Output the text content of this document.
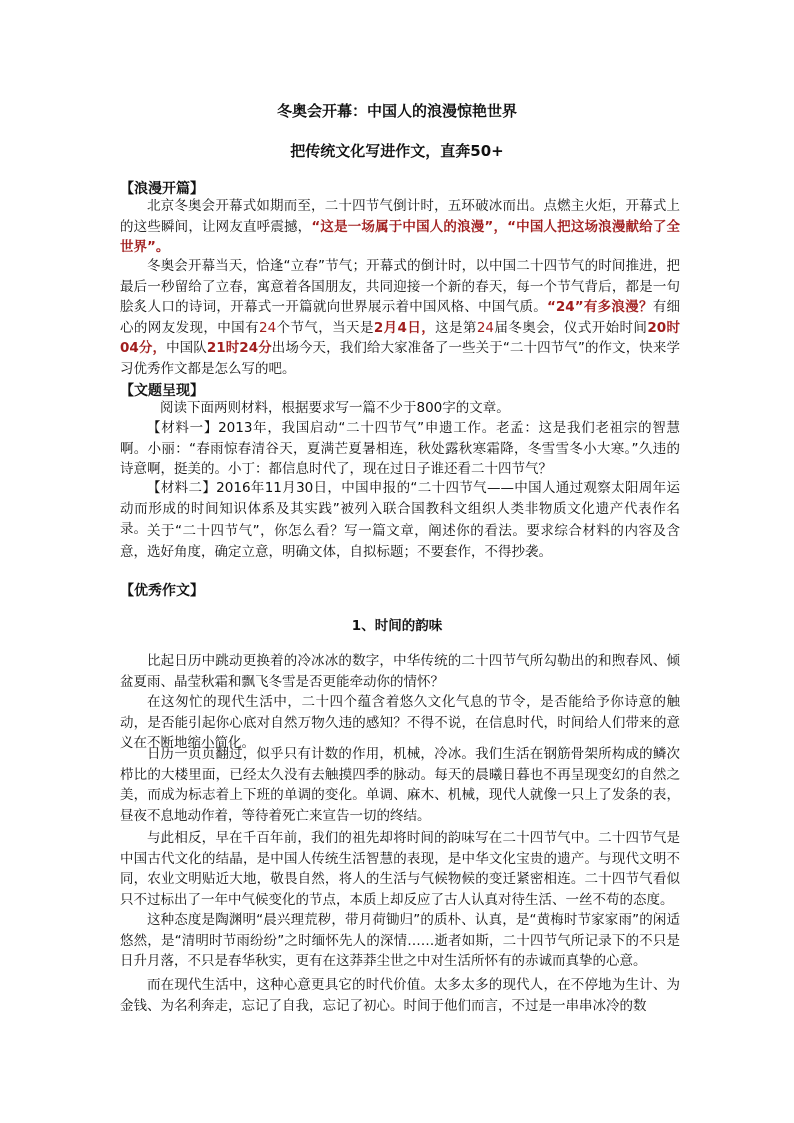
冬奥会开幕：中国人的浪漫惊艳世界
把传统文化写进作文，直奔50+
【浪漫开篇】

北京冬奥会开幕式如期而至，二十四节气倒计时，五环破冰而出。点燃主火炬，开幕式上的这些瞬间，让网友直呼震撼，“这是一场属于中国人的浪漫”，“中国人把这场浪漫献给了全世界”。

冬奥会开幕当天，恰逢“立春”节气；开幕式的倒计时，以中国二十四节气的时间推进，把最后一秒留给了立春，寓意着各国朋友，共同迎接一个新的春天，每一个节气背后，都是一句脍炙人口的诗词，开幕式一开篇就向世界展示着中国风格、中国气质。“24”有多浪漫？有细心的网友发现，中国有24个节气，当天是2月4日，这是第24届冬奥会，仪式开始时间20时04分，中国队21时24分出场今天，我们给大家准备了一些关于“二十四节气”的作文，快来学习优秀作文都是怎么写的吧。

【文题呈现】

阅读下面两则材料，根据要求写一篇不少于800字的文章。

【材料一】2013年，我国启动“二十四节气”申遗工作。老孟：这是我们老祖宗的智慧啊。小丽：“春雨惊春清谷天，夏满芒夏暑相连，秋处露秋寒霜降，冬雪雪冬小大寒。”久违的诗意啊，挺美的。小丁：都信息时代了，现在过日子谁还看二十四节气？

【材料二】2016年11月30日，中国申报的“二十四节气——中国人通过观察太阳周年运动而形成的时间知识体系及其实践”被列入联合国教科文组织人类非物质文化遗产代表作名录。 关于“二十四节气”，你怎么看？写一篇文章，阐述你的看法。要求综合材料的内容及含意，选好角度，确定立意，明确文体，自拟标题；不要套作，不得抄袭。

【优秀作文】
1、时间的韵味

比起日历中跳动更换着的冷冰冰的数字，中华传统的二十四节气所勾勒出的和煦春风、倾盆夏雨、晶莹秋霜和飘飞冬雪是否更能牵动你的情怀？

在这匆忙的现代生活中，二十四个蕴含着悠久文化气息的节令，是否能给予你诗意的触动，是否能引起你心底对自然万物久违的感知？不得不说，在信息时代，时间给人们带来的意义在不断地缩小简化。

日历一页页翻过，似乎只有计数的作用，机械，冷冰。我们生活在钢筋骨架所构成的鳞次栉比的大楼里面，已经太久没有去触摸四季的脉动。每天的晨曦日暮也不再呈现变幻的自然之美，而成为标志着上下班的单调的变化。单调、麻木、机械，现代人就像一只上了发条的表，昼夜不息地动作着，等待着死亡来宣告一切的终结。

与此相反，早在千百年前，我们的祖先却将时间的韵味写在二十四节气中。二十四节气是中国古代文化的结晶，是中国人传统生活智慧的表现，是中华文化宝贵的遗产。与现代文明不同，农业文明贴近大地，敬畏自然，将人的生活与气候物候的变迁紧密相连。二十四节气看似只不过标出了一年中气候变化的节点，本质上却反应了古人认真对待生活、一丝不苟的态度。

这种态度是陶渊明“晨兴理荒秽，带月荷锄归”的质朴、认真，是“黄梅时节家家雨”的闲适悠然，是“清明时节雨纷纷”之时缅怀先人的深情……逝者如斯，二十四节气所记录下的不只是日升月落，不只是春华秋实，更有在这莽莽尘世之中对生活所怀有的赤诚而真挚的心意。

而在现代生活中，这种心意更具它的时代价值。太多太多的现代人，在不停地为生计、为金钱、为名利奔走，忘记了自我，忘记了初心。时间于他们而言，不过是一串串冰冷的数
